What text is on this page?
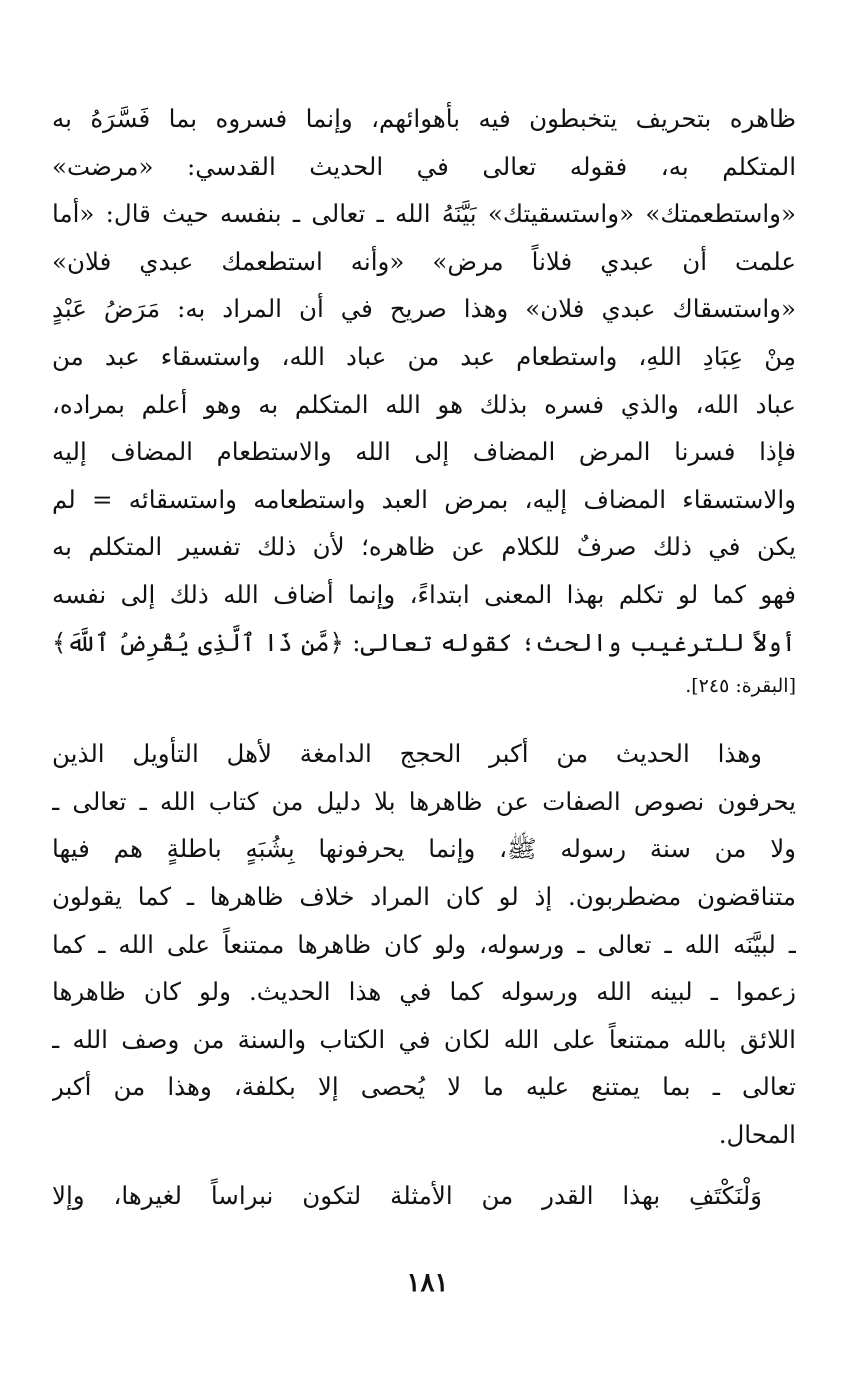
ظاهره بتحريف يتخبطون فيه بأهوائهم، وإنما فسروه بما فَسَّرَهُ به
المتكلم به، فقوله تعالى في الحديث القدسي: «مرضت»
«واستطعمتك» «واستسقيتك» بَيَّنَهُ الله ـ تعالى ـ بنفسه حيث قال: «أما
علمت أن عبدي فلاناً مرض» «وأنه استطعمك عبدي فلان»
«واستسقاك عبدي فلان» وهذا صريح في أن المراد به: مَرَضُ عَبْدٍ
مِنْ عِبَادِ اللهِ، واستطعام عبد من عباد الله، واستسقاء عبد من
عباد الله، والذي فسره بذلك هو الله المتكلم به وهو أعلم بمراده،
فإذا فسرنا المرض المضاف إلى الله والاستطعام المضاف إليه
والاستسقاء المضاف إليه، بمرض العبد واستطعامه واستسقائه = لم
يكن في ذلك صرفٌ للكلام عن ظاهره؛ لأن ذلك تفسير المتكلم به
فهو كما لو تكلم بهذا المعنى ابتداءً، وإنما أضاف الله ذلك إلى نفسه
أولاً للترغيب والحث؛ كقوله تعالى: ﴿مَّن ذَا ٱلَّذِى يُقْرِضُ ٱللَّهَ﴾
[البقرة: ٢٤٥].
وهذا الحديث من أكبر الحجج الدامغة لأهل التأويل الذين
يحرفون نصوص الصفات عن ظاهرها بلا دليل من كتاب الله ـ تعالى ـ
ولا من سنة رسوله ﷺ، وإنما يحرفونها بِشُبَهٍ باطلةٍ هم فيها
متناقضون مضطربون. إذ لو كان المراد خلاف ظاهرها ـ كما يقولون
ـ لبيَّنَه الله ـ تعالى ـ ورسوله، ولو كان ظاهرها ممتنعاً على الله ـ كما
زعموا ـ لبينه الله ورسوله كما في هذا الحديث. ولو كان ظاهرها
اللائق بالله ممتنعاً على الله لكان في الكتاب والسنة من وصف الله ـ
تعالى ـ بما يمتنع عليه ما لا يُحصى إلا بكلفة، وهذا من أكبر
المحال.
وَلْنَكْتَفِ بهذا القدر من الأمثلة لتكون نبراساً لغيرها، وإلا
١٨١
